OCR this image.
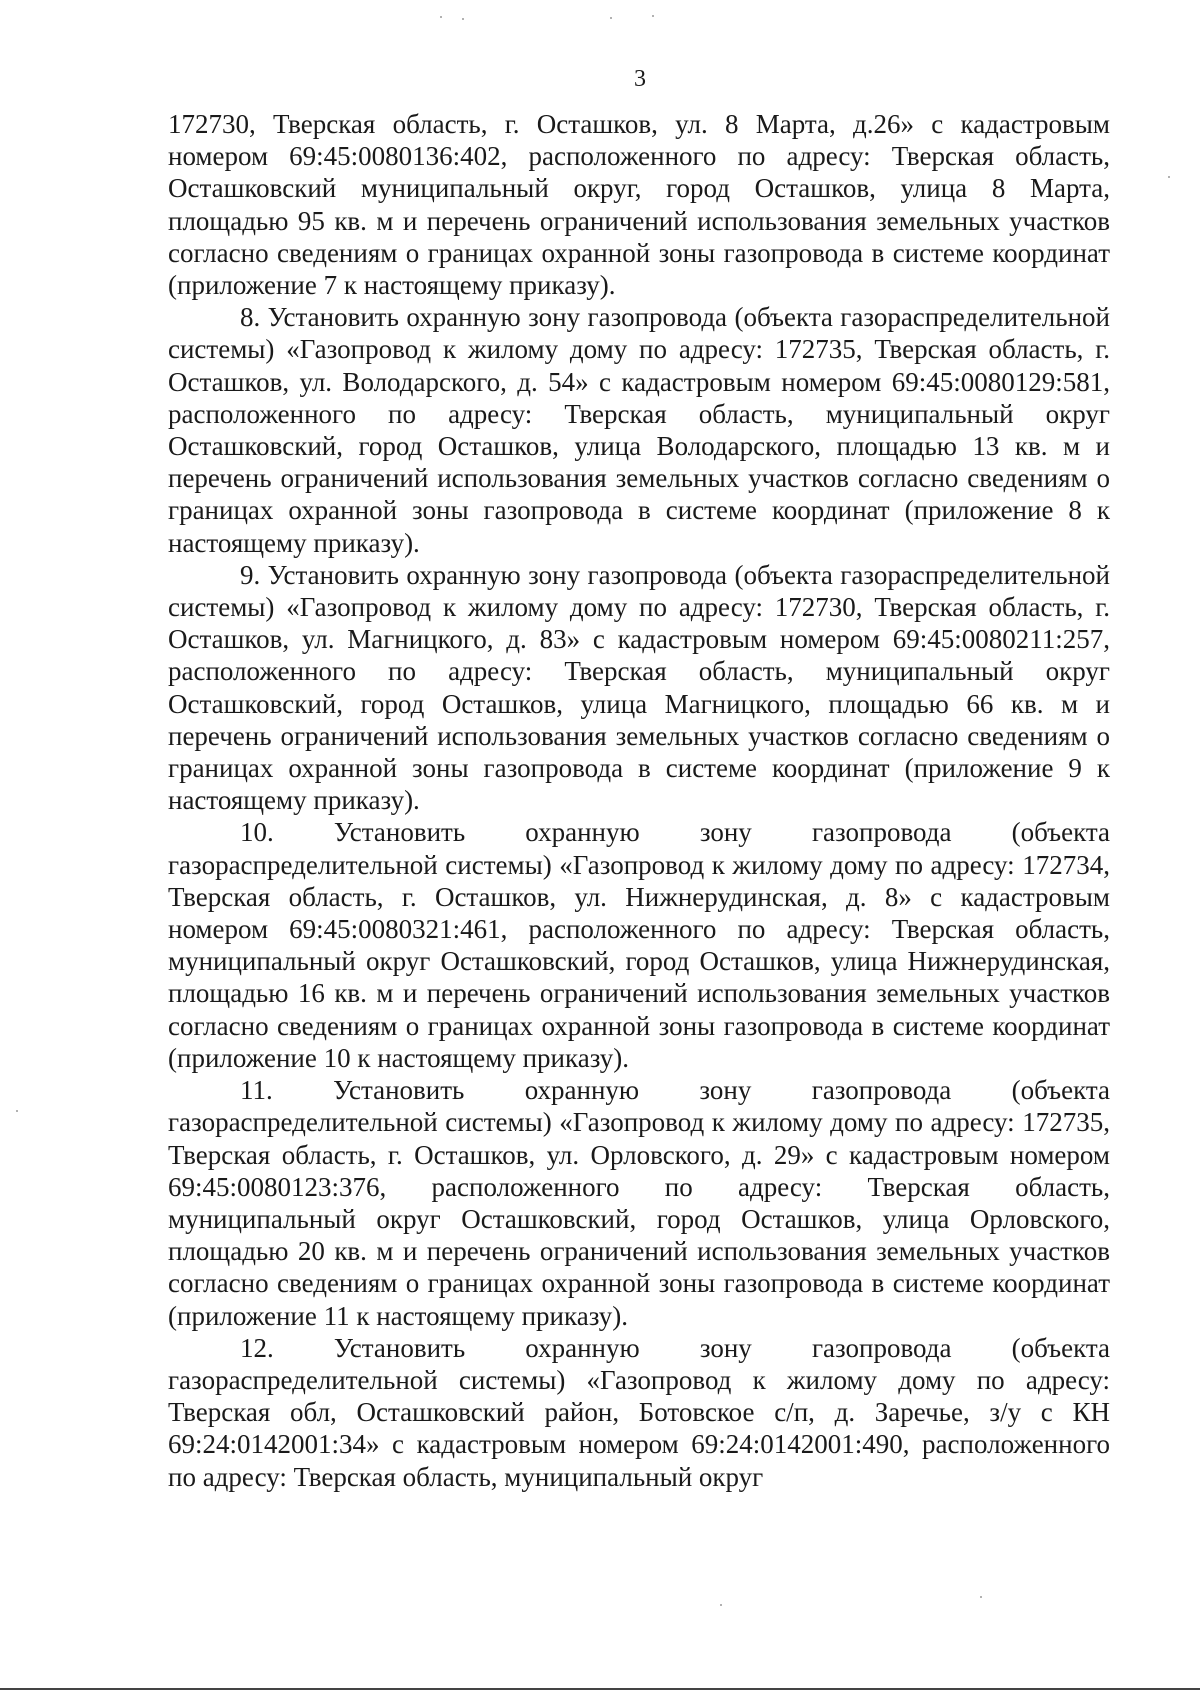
3

172730, Тверская область, г. Осташков, ул. 8 Марта, д.26» с кадастровым номером 69:45:0080136:402, расположенного по адресу: Тверская область, Осташковский муниципальный округ, город Осташков, улица 8 Марта, площадью 95 кв. м и перечень ограничений использования земельных участков согласно сведениям о границах охранной зоны газопровода в системе координат (приложение 7 к настоящему приказу).

8. Установить охранную зону газопровода (объекта газораспределительной системы) «Газопровод к жилому дому по адресу: 172735, Тверская область, г. Осташков, ул. Володарского, д. 54» с кадастровым номером 69:45:0080129:581, расположенного по адресу: Тверская область, муниципальный округ Осташковский, город Осташков, улица Володарского, площадью 13 кв. м и перечень ограничений использования земельных участков согласно сведениям о границах охранной зоны газопровода в системе координат (приложение 8 к настоящему приказу).

9. Установить охранную зону газопровода (объекта газораспределительной системы) «Газопровод к жилому дому по адресу: 172730, Тверская область, г. Осташков, ул. Магницкого, д. 83» с кадастровым номером 69:45:0080211:257, расположенного по адресу: Тверская область, муниципальный округ Осташковский, город Осташков, улица Магницкого, площадью 66 кв. м и перечень ограничений использования земельных участков согласно сведениям о границах охранной зоны газопровода в системе координат (приложение 9 к настоящему приказу).

10. Установить охранную зону газопровода (объекта газораспределительной системы) «Газопровод к жилому дому по адресу: 172734, Тверская область, г. Осташков, ул. Нижнерудинская, д. 8» с кадастровым номером 69:45:0080321:461, расположенного по адресу: Тверская область, муниципальный округ Осташковский, город Осташков, улица Нижнерудинская, площадью 16 кв. м и перечень ограничений использования земельных участков согласно сведениям о границах охранной зоны газопровода в системе координат (приложение 10 к настоящему приказу).

11. Установить охранную зону газопровода (объекта газораспределительной системы) «Газопровод к жилому дому по адресу: 172735, Тверская область, г. Осташков, ул. Орловского, д. 29» с кадастровым номером 69:45:0080123:376, расположенного по адресу: Тверская область, муниципальный округ Осташковский, город Осташков, улица Орловского, площадью 20 кв. м и перечень ограничений использования земельных участков согласно сведениям о границах охранной зоны газопровода в системе координат (приложение 11 к настоящему приказу).

12. Установить охранную зону газопровода (объекта газораспределительной системы) «Газопровод к жилому дому по адресу: Тверская обл, Осташковский район, Ботовское с/п, д. Заречье, з/у с КН 69:24:0142001:34» с кадастровым номером 69:24:0142001:490, расположенного по адресу: Тверская область, муниципальный округ
